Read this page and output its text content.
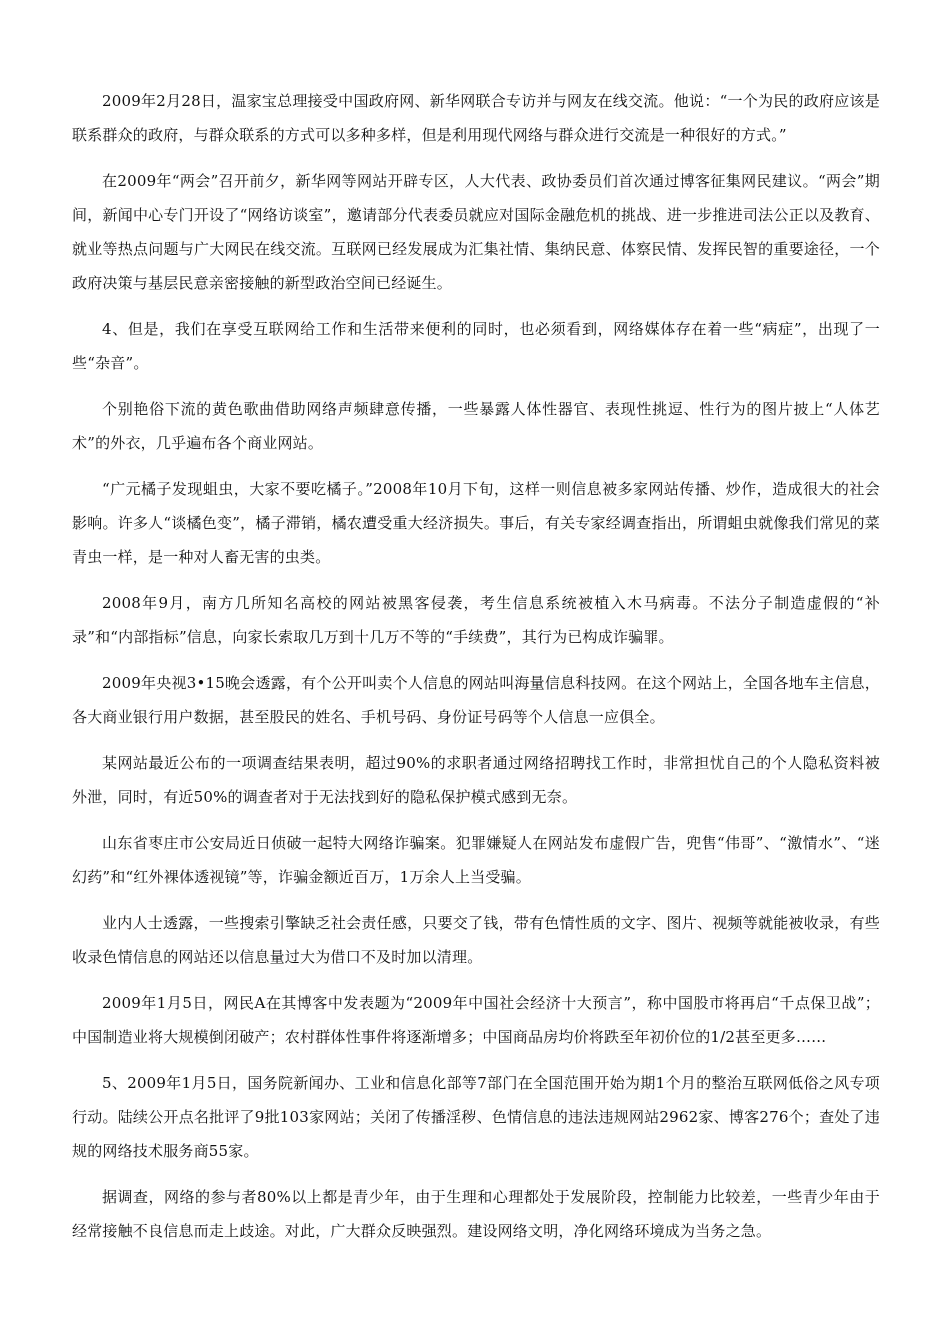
2009年2月28日，温家宝总理接受中国政府网、新华网联合专访并与网友在线交流。他说：“一个为民的政府应该是联系群众的政府，与群众联系的方式可以多种多样，但是利用现代网络与群众进行交流是一种很好的方式。”

在2009年“两会”召开前夕，新华网等网站开辟专区，人大代表、政协委员们首次通过博客征集网民建议。“两会”期间，新闻中心专门开设了“网络访谈室”，邀请部分代表委员就应对国际金融危机的挑战、进一步推进司法公正以及教育、就业等热点问题与广大网民在线交流。互联网已经发展成为汇集社情、集纳民意、体察民情、发挥民智的重要途径，一个政府决策与基层民意亲密接触的新型政治空间已经诞生。

4、但是，我们在享受互联网给工作和生活带来便利的同时，也必须看到，网络媒体存在着一些“病症”，出现了一些“杂音”。

个别艳俗下流的黄色歌曲借助网络声频肆意传播，一些暴露人体性器官、表现性挑逗、性行为的图片披上“人体艺术”的外衣，几乎遍布各个商业网站。

“广元橘子发现蛆虫，大家不要吃橘子。”2008年10月下旬，这样一则信息被多家网站传播、炒作，造成很大的社会影响。许多人“谈橘色变”，橘子滞销，橘农遭受重大经济损失。事后，有关专家经调查指出，所谓蛆虫就像我们常见的菜青虫一样，是一种对人畜无害的虫类。

2008年9月，南方几所知名高校的网站被黑客侵袭，考生信息系统被植入木马病毒。不法分子制造虚假的“补录”和“内部指标”信息，向家长索取几万到十几万不等的“手续费”，其行为已构成诈骗罪。

2009年央视3•15晚会透露，有个公开叫卖个人信息的网站叫海量信息科技网。在这个网站上，全国各地车主信息，各大商业银行用户数据，甚至股民的姓名、手机号码、身份证号码等个人信息一应俱全。

某网站最近公布的一项调查结果表明，超过90%的求职者通过网络招聘找工作时，非常担忧自己的个人隐私资料被外泄，同时，有近50%的调查者对于无法找到好的隐私保护模式感到无奈。

山东省枣庄市公安局近日侦破一起特大网络诈骗案。犯罪嫌疑人在网站发布虚假广告，兜售“伟哥”、“激情水”、“迷幻药”和“红外裸体透视镜”等，诈骗金额近百万，1万余人上当受骗。

业内人士透露，一些搜索引擎缺乏社会责任感，只要交了钱，带有色情性质的文字、图片、视频等就能被收录，有些收录色情信息的网站还以信息量过大为借口不及时加以清理。

2009年1月5日，网民A在其博客中发表题为“2009年中国社会经济十大预言”，称中国股市将再启“千点保卫战”；中国制造业将大规模倒闭破产；农村群体性事件将逐渐增多；中国商品房均价将跌至年初价位的1/2甚至更多……

5、2009年1月5日，国务院新闻办、工业和信息化部等7部门在全国范围开始为期1个月的整治互联网低俗之风专项行动。陆续公开点名批评了9批103家网站；关闭了传播淫秽、色情信息的违法违规网站2962家、博客276个；查处了违规的网络技术服务商55家。

据调查，网络的参与者80%以上都是青少年，由于生理和心理都处于发展阶段，控制能力比较差，一些青少年由于经常接触不良信息而走上歧途。对此，广大群众反映强烈。建设网络文明，净化网络环境成为当务之急。
